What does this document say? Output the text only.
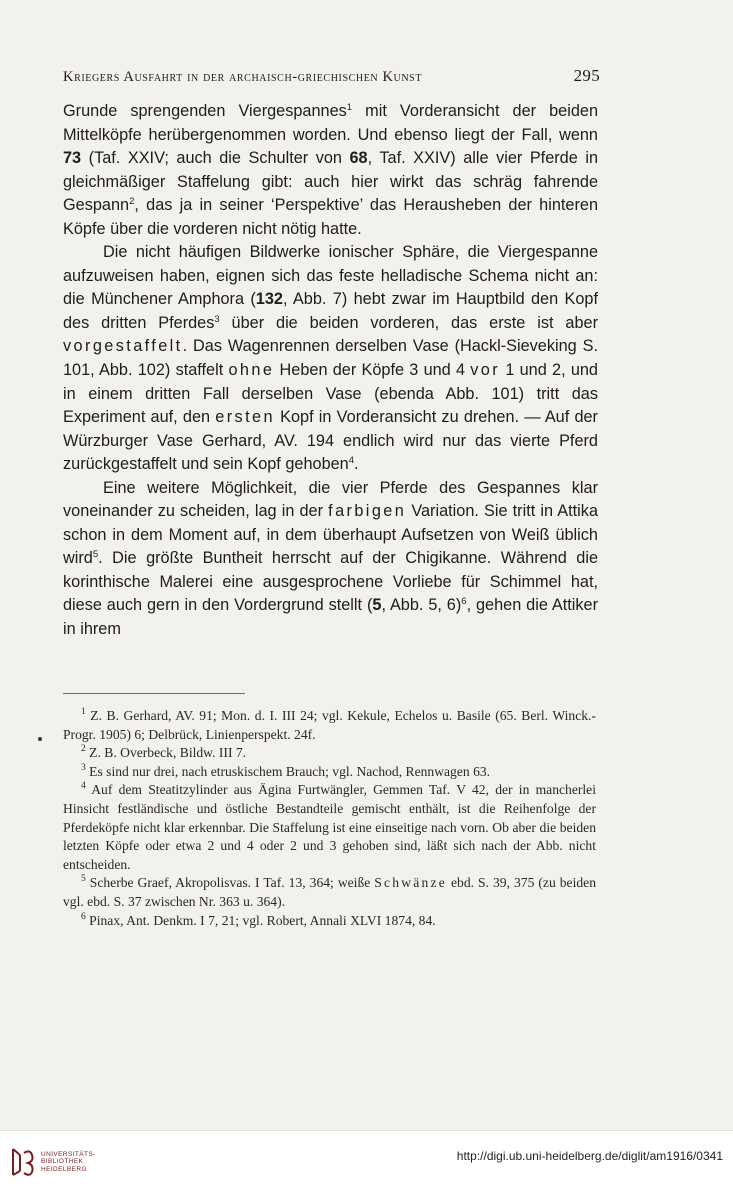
Kriegers Ausfahrt in der archaisch-griechischen Kunst	295

Grunde sprengenden Viergespannes$^1$ mit Vorderansicht der beiden Mittelköpfe herübergenommen worden. Und ebenso liegt der Fall, wenn 73 (Taf. XXIV; auch die Schulter von 68, Taf. XXIV) alle vier Pferde in gleichmäßiger Staffelung gibt: auch hier wirkt das schräg fahrende Gespann$^2$, das ja in seiner ‘Perspektive’ das Herausheben der hinteren Köpfe über die vorderen nicht nötig hatte.

Die nicht häufigen Bildwerke ionischer Sphäre, die Viergespanne aufzuweisen haben, eignen sich das feste helladische Schema nicht an: die Münchener Amphora (132, Abb. 7) hebt zwar im Hauptbild den Kopf des dritten Pferdes$^3$ über die beiden vorderen, das erste ist aber vorgestaffelt. Das Wagenrennen derselben Vase (Hackl-Sieveking S. 101, Abb. 102) staffelt ohne Heben der Köpfe 3 und 4 vor 1 und 2, und in einem dritten Fall derselben Vase (ebenda Abb. 101) tritt das Experiment auf, den ersten Kopf in Vorderansicht zu drehen. — Auf der Würzburger Vase Gerhard, AV. 194 endlich wird nur das vierte Pferd zurückgestaffelt und sein Kopf gehoben$^4$.

Eine weitere Möglichkeit, die vier Pferde des Gespannes klar voneinander zu scheiden, lag in der farbigen Variation. Sie tritt in Attika schon in dem Moment auf, in dem überhaupt Aufsetzen von Weiß üblich wird$^5$. Die größte Buntheit herrscht auf der Chigikanne. Während die korinthische Malerei eine ausgesprochene Vorliebe für Schimmel hat, diese auch gern in den Vordergrund stellt (5, Abb. 5, 6)$^6$, gehen die Attiker in ihrem

$^1$ Z. B. Gerhard, AV. 91; Mon. d. I. III 24; vgl. Kekule, Echelos u. Basile (65. Berl. Winck.-Progr. 1905) 6; Delbrück, Linienperspekt. 24f.

$^2$ Z. B. Overbeck, Bildw. III 7.

$^3$ Es sind nur drei, nach etruskischem Brauch; vgl. Nachod, Rennwagen 63.

$^4$ Auf dem Steatitzylinder aus Ägina Furtwängler, Gemmen Taf. V 42, der in mancherlei Hinsicht festländische und östliche Bestandteile gemischt enthält, ist die Reihenfolge der Pferdeköpfe nicht klar erkennbar. Die Staffelung ist eine einseitige nach vorn. Ob aber die beiden letzten Köpfe oder etwa 2 und 4 oder 2 und 3 gehoben sind, läßt sich nach der Abb. nicht entscheiden.

$^5$ Scherbe Graef, Akropolisvas. I Taf. 13, 364; weiße Schwänze ebd. S. 39, 375 (zu beiden vgl. ebd. S. 37 zwischen Nr. 363 u. 364).

$^6$ Pinax, Ant. Denkm. I 7, 21; vgl. Robert, Annali XLVI 1874, 84.

UNIVERSITÄTS-
BIBLIOTHEK
HEIDELBERG
http://digi.ub.uni-heidelberg.de/diglit/am1916/0341
